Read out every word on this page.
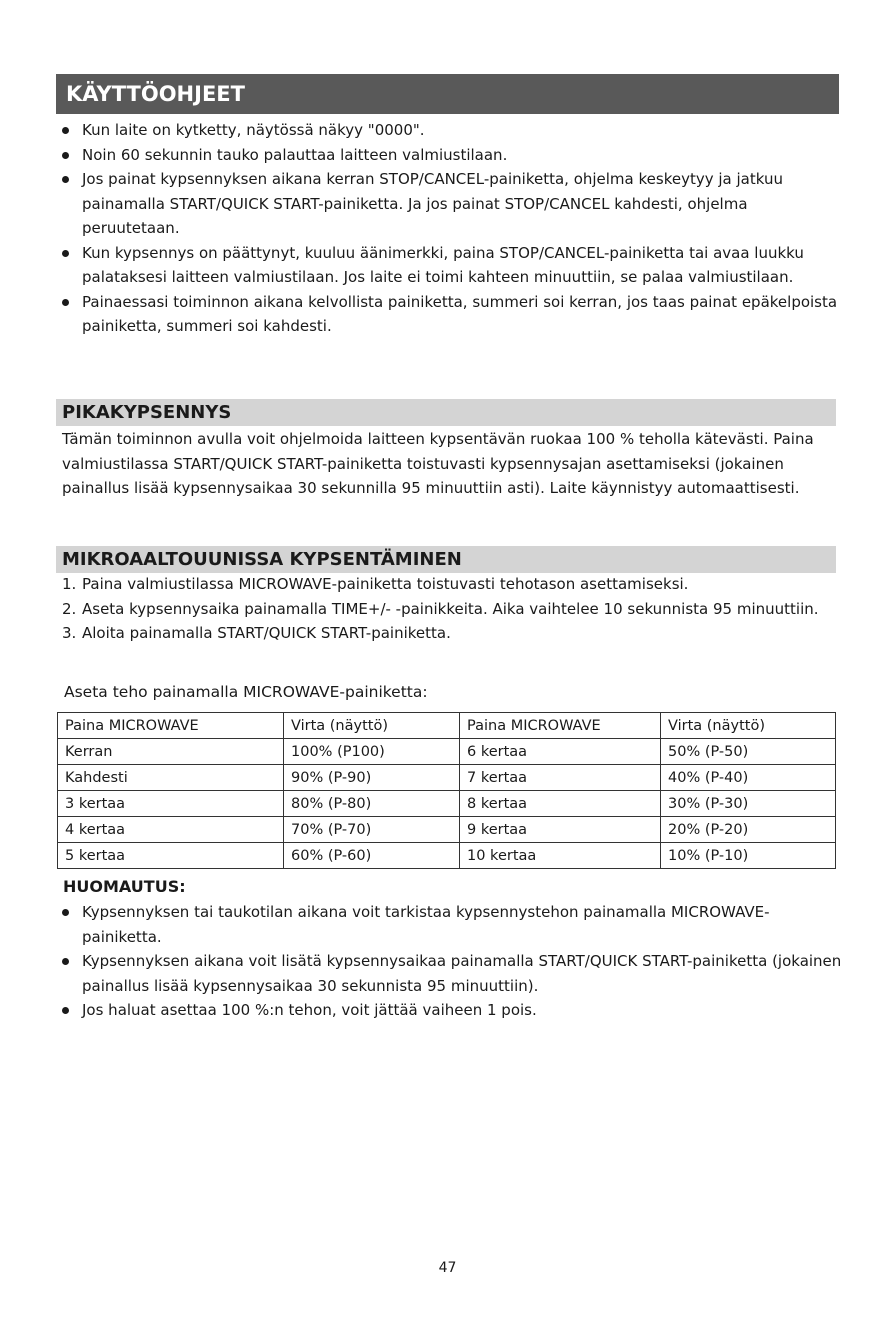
KÄYTTÖOHJEET
Kun laite on kytketty, näytössä näkyy "0000".
Noin 60 sekunnin tauko palauttaa laitteen valmiustilaan.
Jos painat kypsennyksen aikana kerran STOP/CANCEL-painiketta, ohjelma keskeytyy ja jatkuu painamalla START/QUICK START-painiketta. Ja jos painat STOP/CANCEL kahdesti, ohjelma peruutetaan.
Kun kypsennys on päättynyt, kuuluu äänimerkki, paina STOP/CANCEL-painiketta tai avaa luukku palataksesi laitteen valmiustilaan. Jos laite ei toimi kahteen minuuttiin, se palaa valmiustilaan.
Painaessasi toiminnon aikana kelvollista painiketta, summeri soi kerran, jos taas painat epäkelpoista painiketta, summeri soi kahdesti.
PIKAKYPSENNYS
Tämän toiminnon avulla voit ohjelmoida laitteen kypsentävän ruokaa 100 % teholla kätevästi. Paina valmiustilassa START/QUICK START-painiketta toistuvasti kypsennysajan asettamiseksi (jokainen painallus lisää kypsennysaikaa 30 sekunnilla 95 minuuttiin asti). Laite käynnistyy automaattisesti.
MIKROAALTOUUNISSA KYPSENTÄMINEN
1. Paina valmiustilassa MICROWAVE-painiketta toistuvasti tehotason asettamiseksi.
2. Aseta kypsennysaika painamalla TIME+/- -painikkeita. Aika vaihtelee 10 sekunnista 95 minuuttiin.
3. Aloita painamalla START/QUICK START-painiketta.
Aseta teho painamalla MICROWAVE-painiketta:
Paina MICROWAVE	Virta (näyttö)	Paina MICROWAVE	Virta (näyttö)
Kerran	100% (P100)	6 kertaa	50% (P-50)
Kahdesti	90% (P-90)	7 kertaa	40% (P-40)
3 kertaa	80% (P-80)	8 kertaa	30% (P-30)
4 kertaa	70% (P-70)	9 kertaa	20% (P-20)
5 kertaa	60% (P-60)	10 kertaa	10% (P-10)
HUOMAUTUS:
Kypsennyksen tai taukotilan aikana voit tarkistaa kypsennystehon painamalla MICROWAVE-painiketta.
Kypsennyksen aikana voit lisätä kypsennysaikaa painamalla START/QUICK START-painiketta (jokainen painallus lisää kypsennysaikaa 30 sekunnista 95 minuuttiin).
Jos haluat asettaa 100 %:n tehon, voit jättää vaiheen 1 pois.
47
